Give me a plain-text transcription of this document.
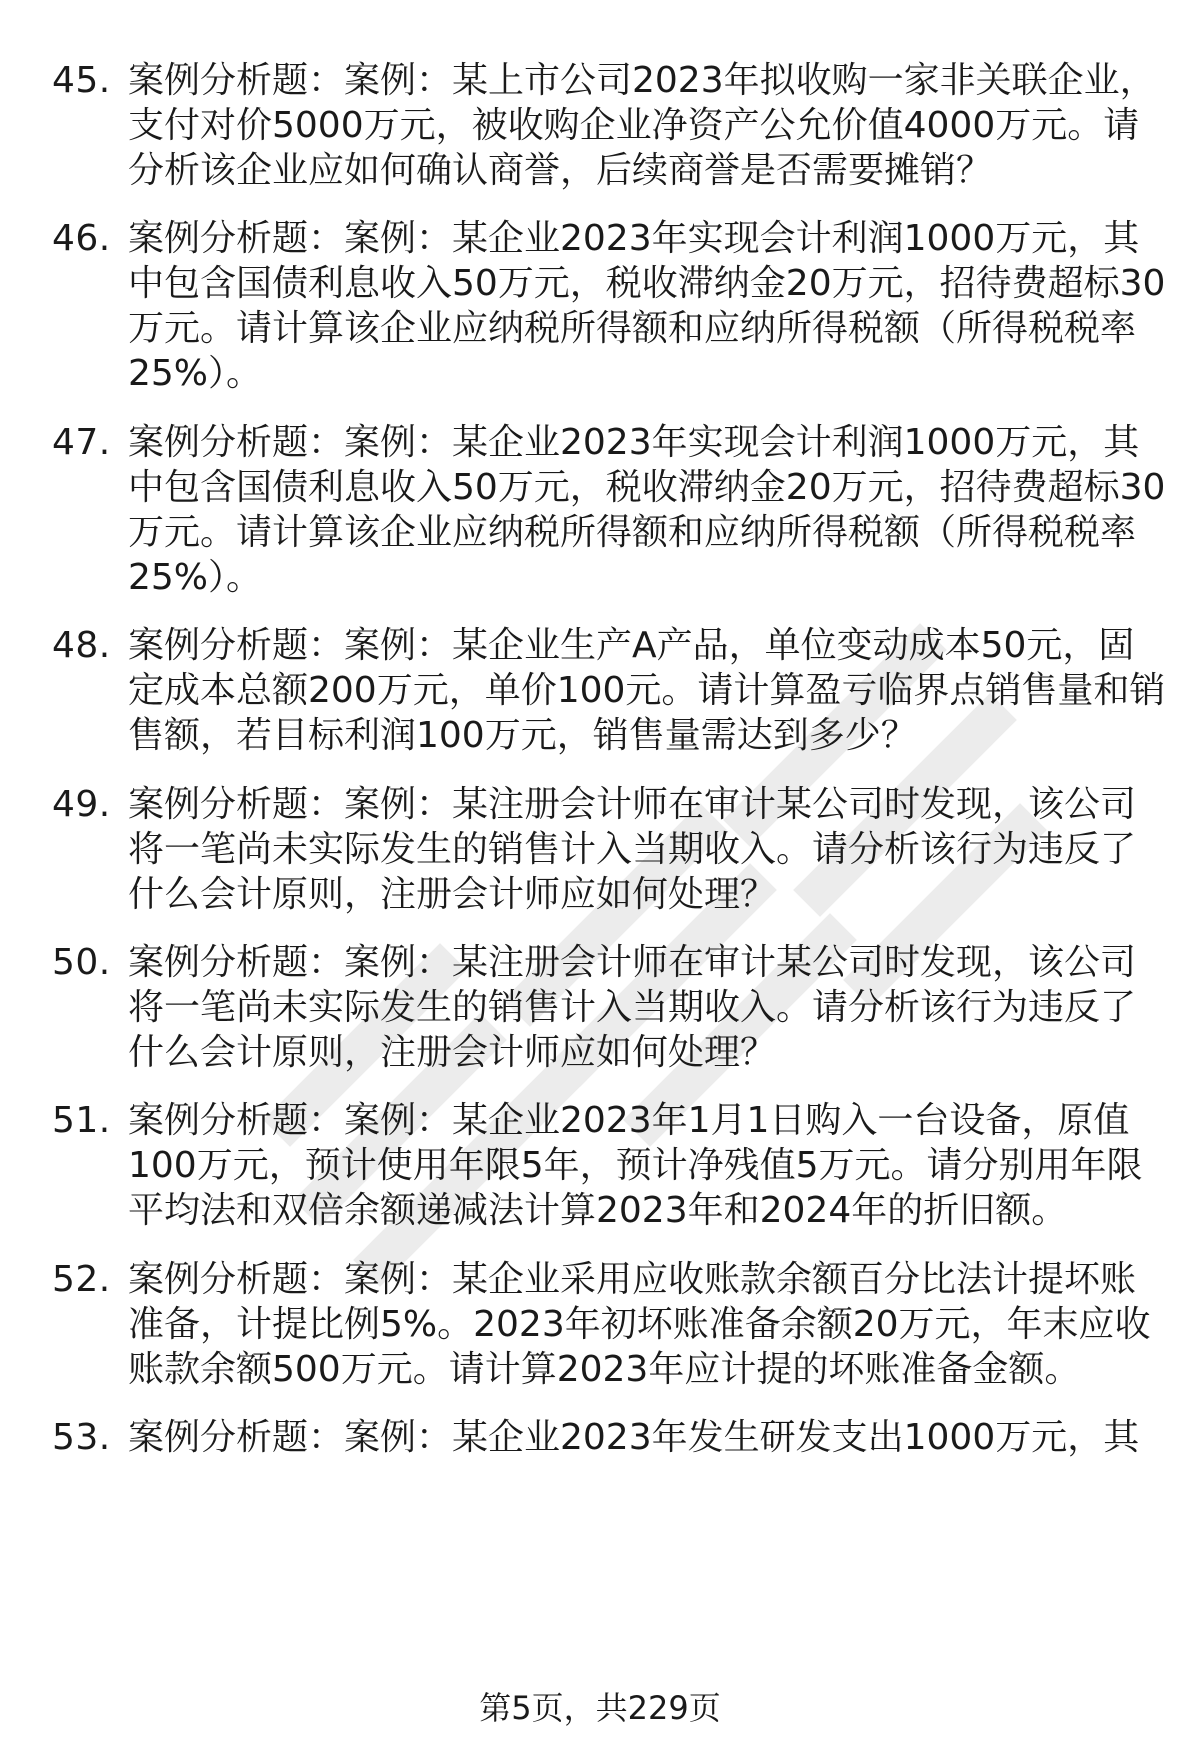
45. 案例分析题：案例：某上市公司2023年拟收购一家非关联企业，
支付对价5000万元，被收购企业净资产公允价值4000万元。请
分析该企业应如何确认商誉，后续商誉是否需要摊销？
46. 案例分析题：案例：某企业2023年实现会计利润1000万元，其
中包含国债利息收入50万元，税收滞纳金20万元，招待费超标30
万元。请计算该企业应纳税所得额和应纳所得税额（所得税税率
25%）。
47. 案例分析题：案例：某企业2023年实现会计利润1000万元，其
中包含国债利息收入50万元，税收滞纳金20万元，招待费超标30
万元。请计算该企业应纳税所得额和应纳所得税额（所得税税率
25%）。
48. 案例分析题：案例：某企业生产A产品，单位变动成本50元，固
定成本总额200万元，单价100元。请计算盈亏临界点销售量和销
售额，若目标利润100万元，销售量需达到多少？
49. 案例分析题：案例：某注册会计师在审计某公司时发现，该公司
将一笔尚未实际发生的销售计入当期收入。请分析该行为违反了
什么会计原则，注册会计师应如何处理？
50. 案例分析题：案例：某注册会计师在审计某公司时发现，该公司
将一笔尚未实际发生的销售计入当期收入。请分析该行为违反了
什么会计原则，注册会计师应如何处理？
51. 案例分析题：案例：某企业2023年1月1日购入一台设备，原值
100万元，预计使用年限5年，预计净残值5万元。请分别用年限
平均法和双倍余额递减法计算2023年和2024年的折旧额。
52. 案例分析题：案例：某企业采用应收账款余额百分比法计提坏账
准备，计提比例5%。2023年初坏账准备余额20万元，年末应收
账款余额500万元。请计算2023年应计提的坏账准备金额。
53. 案例分析题：案例：某企业2023年发生研发支出1000万元，其
第5页，共229页
